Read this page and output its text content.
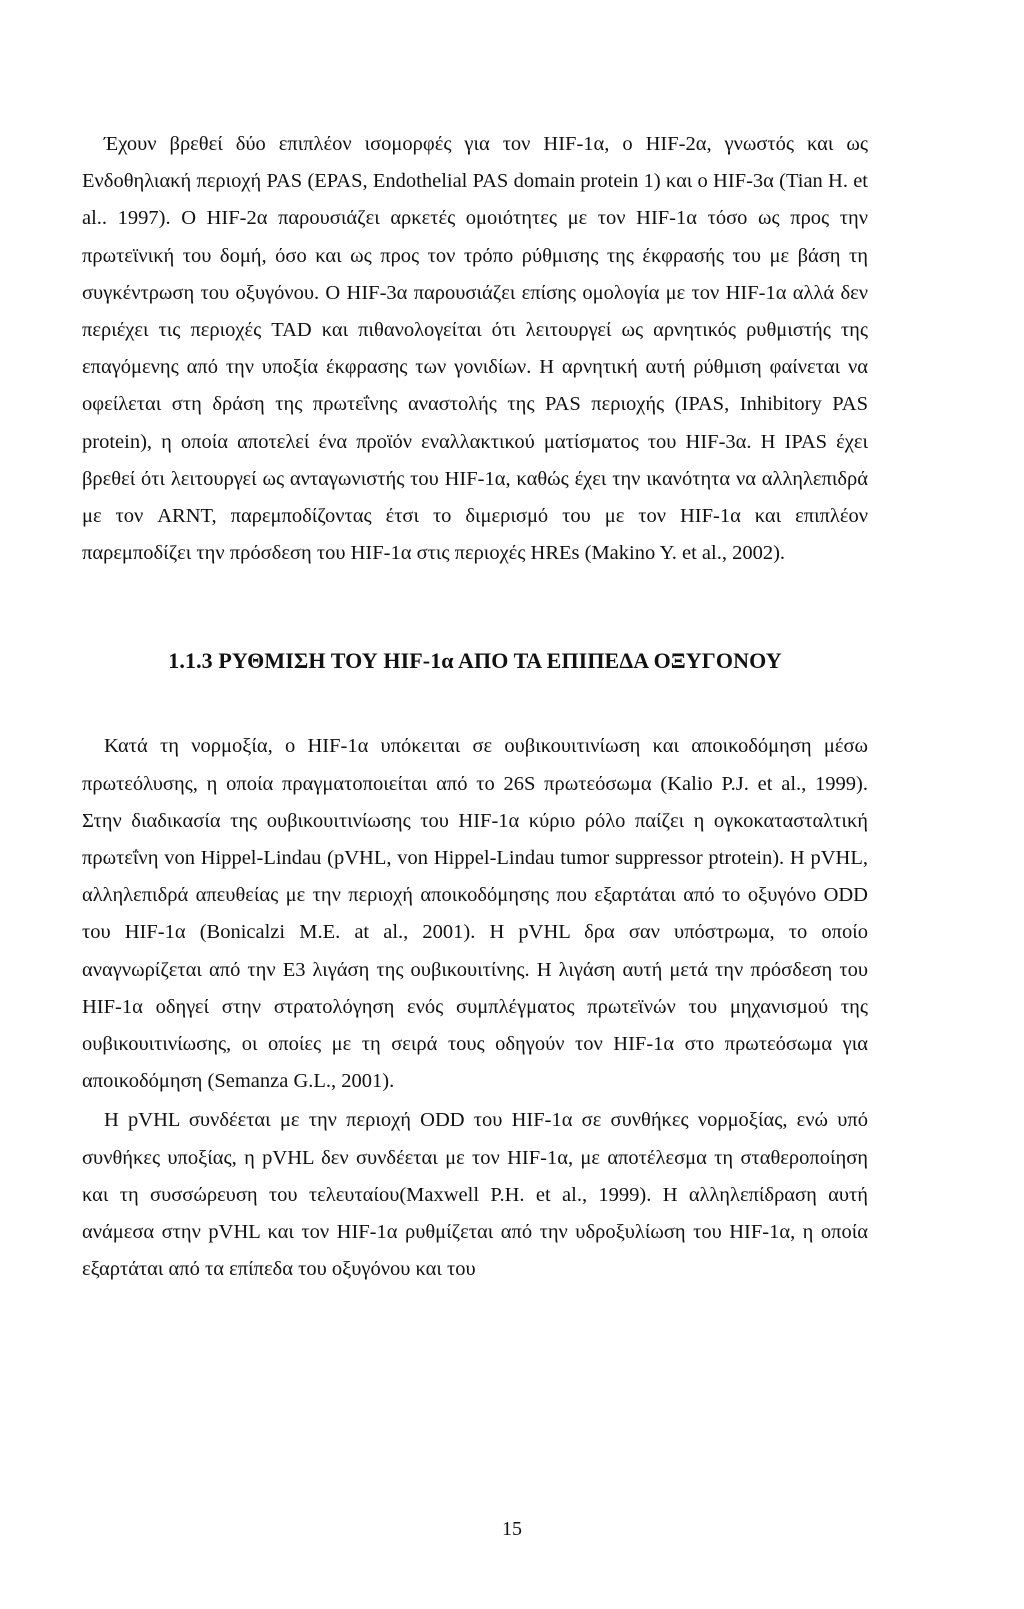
Έχουν βρεθεί δύο επιπλέον ισομορφές για τον HIF-1α, ο HIF-2α, γνωστός και ως Ενδοθηλιακή περιοχή PAS (EPAS, Endothelial PAS domain protein 1) και ο HIF-3α (Tian H. et al.. 1997). Ο HIF-2α παρουσιάζει αρκετές ομοιότητες με τον HIF-1α τόσο ως προς την πρωτεϊνική του δομή, όσο και ως προς τον τρόπο ρύθμισης της έκφρασής του με βάση τη συγκέντρωση του οξυγόνου. Ο HIF-3α παρουσιάζει επίσης ομολογία με τον HIF-1α αλλά δεν περιέχει τις περιοχές TAD και πιθανολογείται ότι λειτουργεί ως αρνητικός ρυθμιστής της επαγόμενης από την υποξία έκφρασης των γονιδίων. Η αρνητική αυτή ρύθμιση φαίνεται να οφείλεται στη δράση της πρωτεΐνης αναστολής της PAS περιοχής (IPAS, Inhibitory PAS protein), η οποία αποτελεί ένα προϊόν εναλλακτικού ματίσματος του HIF-3α. Η IPAS έχει βρεθεί ότι λειτουργεί ως ανταγωνιστής του HIF-1α, καθώς έχει την ικανότητα να αλληλεπιδρά με τον ARNT, παρεμποδίζοντας έτσι το διμερισμό του με τον HIF-1α και επιπλέον παρεμποδίζει την πρόσδεση του HIF-1α στις περιοχές HREs (Makino Y. et al., 2002).

1.1.3 ΡΥΘΜΙΣΗ ΤΟΥ HIF-1α ΑΠΟ ΤΑ ΕΠΙΠΕΔΑ ΟΞΥΓΟΝΟΥ

Κατά τη νορμοξία, ο HIF-1α υπόκειται σε ουβικουιτινίωση και αποικοδόμηση μέσω πρωτεόλυσης, η οποία πραγματοποιείται από το 26S πρωτεόσωμα (Kalio P.J. et al., 1999). Στην διαδικασία της ουβικουιτινίωσης του HIF-1α κύριο ρόλο παίζει η ογκοκατασταλτική πρωτεΐνη von Hippel-Lindau (pVHL, von Hippel-Lindau tumor suppressor ptrotein). Η pVHL, αλληλεπιδρά απευθείας με την περιοχή αποικοδόμησης που εξαρτάται από το οξυγόνο ODD του HIF-1α (Bonicalzi M.E. at al., 2001). Η pVHL δρα σαν υπόστρωμα, το οποίο αναγνωρίζεται από την E3 λιγάση της ουβικουιτίνης. Η λιγάση αυτή μετά την πρόσδεση του HIF-1α οδηγεί στην στρατολόγηση ενός συμπλέγματος πρωτεϊνών του μηχανισμού της ουβικουιτινίωσης, οι οποίες με τη σειρά τους οδηγούν τον HIF-1α στο πρωτεόσωμα για αποικοδόμηση (Semanza G.L., 2001).

Η pVHL συνδέεται με την περιοχή ODD του HIF-1α σε συνθήκες νορμοξίας, ενώ υπό συνθήκες υποξίας, η pVHL δεν συνδέεται με τον HIF-1α, με αποτέλεσμα τη σταθεροποίηση και τη συσσώρευση του τελευταίου(Maxwell P.H. et al., 1999). Η αλληλεπίδραση αυτή ανάμεσα στην pVHL και τον HIF-1α ρυθμίζεται από την υδροξυλίωση του HIF-1α, η οποία εξαρτάται από τα επίπεδα του οξυγόνου και του

15
